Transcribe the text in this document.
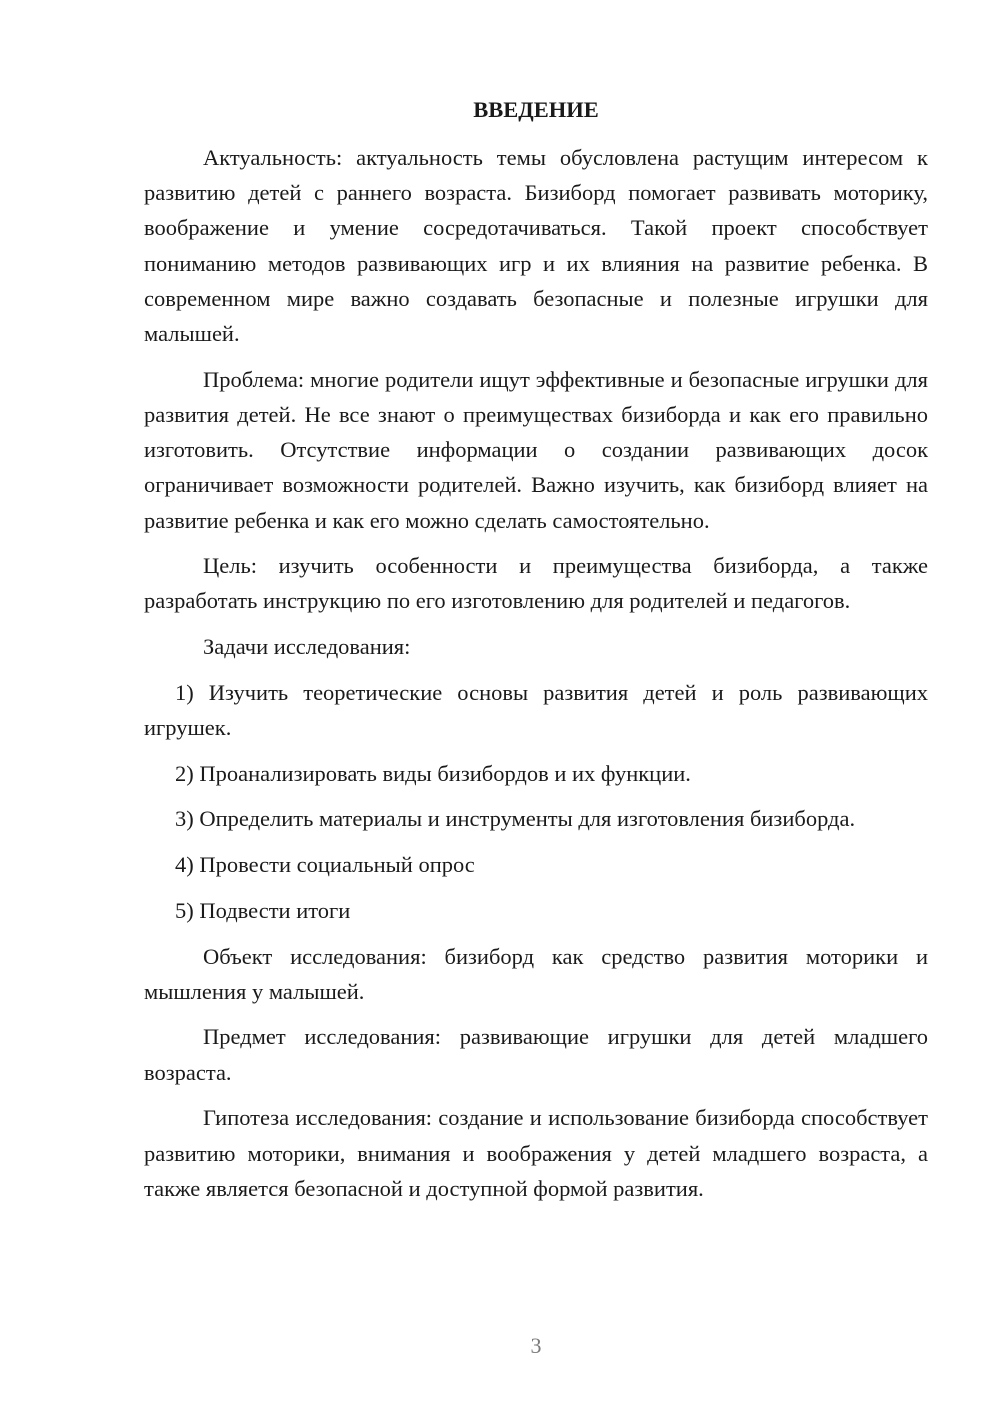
ВВЕДЕНИЕ

Актуальность: актуальность темы обусловлена растущим интересом к развитию детей с раннего возраста. Бизиборд помогает развивать моторику, воображение и умение сосредотачиваться. Такой проект способствует пониманию методов развивающих игр и их влияния на развитие ребенка. В современном мире важно создавать безопасные и полезные игрушки для малышей.

Проблема: многие родители ищут эффективные и безопасные игрушки для развития детей. Не все знают о преимуществах бизиборда и как его правильно изготовить. Отсутствие информации о создании развивающих досок ограничивает возможности родителей. Важно изучить, как бизиборд влияет на развитие ребенка и как его можно сделать самостоятельно.

Цель: изучить особенности и преимущества бизиборда, а также разработать инструкцию по его изготовлению для родителей и педагогов.

Задачи исследования:

1) Изучить теоретические основы развития детей и роль развивающих игрушек.

2) Проанализировать виды бизибордов и их функции.

3) Определить материалы и инструменты для изготовления бизиборда.

4) Провести социальный опрос

5) Подвести итоги

Объект исследования: бизиборд как средство развития моторики и мышления у малышей.

Предмет исследования: развивающие игрушки для детей младшего возраста.

Гипотеза исследования: создание и использование бизиборда способствует развитию моторики, внимания и воображения у детей младшего возраста, а также является безопасной и доступной формой развития.

3
